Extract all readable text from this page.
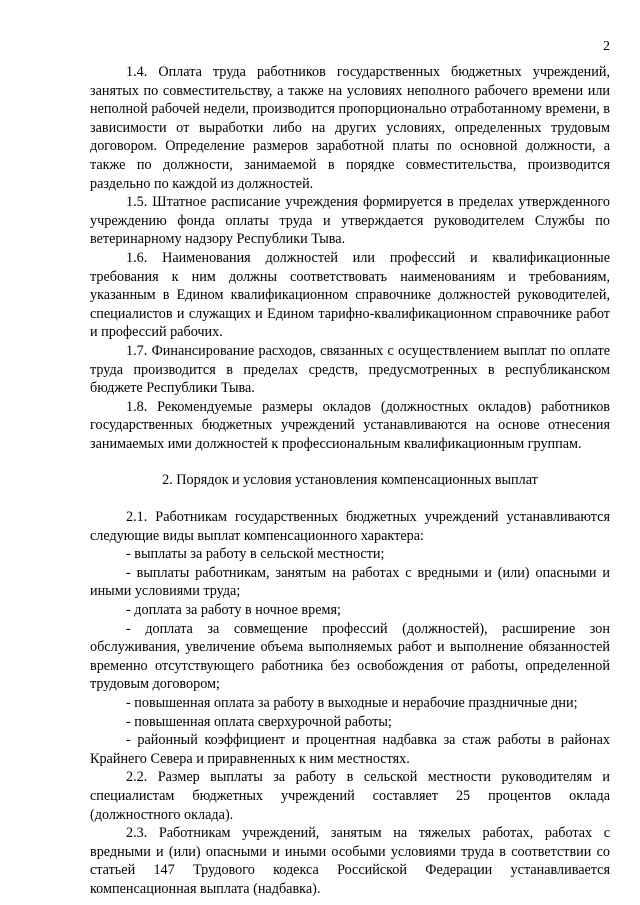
2

1.4. Оплата труда работников государственных бюджетных учреждений, занятых по совместительству, а также на условиях неполного рабочего времени или неполной рабочей недели, производится пропорционально отработанному времени, в зависимости от выработки либо на других условиях, определенных трудовым договором. Определение размеров заработной платы по основной должности, а также по должности, занимаемой в порядке совместительства, производится раздельно по каждой из должностей.

1.5. Штатное расписание учреждения формируется в пределах утвержденного учреждению фонда оплаты труда и утверждается руководителем Службы по ветеринарному надзору Республики Тыва.

1.6. Наименования должностей или профессий и квалификационные требования к ним должны соответствовать наименованиям и требованиям, указанным в Едином квалификационном справочнике должностей руководителей, специалистов и служащих и Едином тарифно-квалификационном справочнике работ и профессий рабочих.

1.7. Финансирование расходов, связанных с осуществлением выплат по оплате труда производится в пределах средств, предусмотренных в республиканском бюджете Республики Тыва.

1.8. Рекомендуемые размеры окладов (должностных окладов) работников государственных бюджетных учреждений устанавливаются на основе отнесения занимаемых ими должностей к профессиональным квалификационным группам.

2. Порядок и условия установления компенсационных выплат

2.1. Работникам государственных бюджетных учреждений устанавливаются следующие виды выплат компенсационного характера:

- выплаты за работу в сельской местности;

- выплаты работникам, занятым на работах с вредными и (или) опасными и иными условиями труда;

- доплата за работу в ночное время;

- доплата за совмещение профессий (должностей), расширение зон обслуживания, увеличение объема выполняемых работ и выполнение обязанностей временно отсутствующего работника без освобождения от работы, определенной трудовым договором;

- повышенная оплата за работу в выходные и нерабочие праздничные дни;

- повышенная оплата сверхурочной работы;

- районный коэффициент и процентная надбавка за стаж работы в районах Крайнего Севера и приравненных к ним местностях.

2.2. Размер выплаты за работу в сельской местности руководителям и специалистам бюджетных учреждений составляет 25 процентов оклада (должностного оклада).

2.3. Работникам учреждений, занятым на тяжелых работах, работах с вредными и (или) опасными и иными особыми условиями труда в соответствии со статьей 147 Трудового кодекса Российской Федерации устанавливается компенсационная выплата (надбавка).
